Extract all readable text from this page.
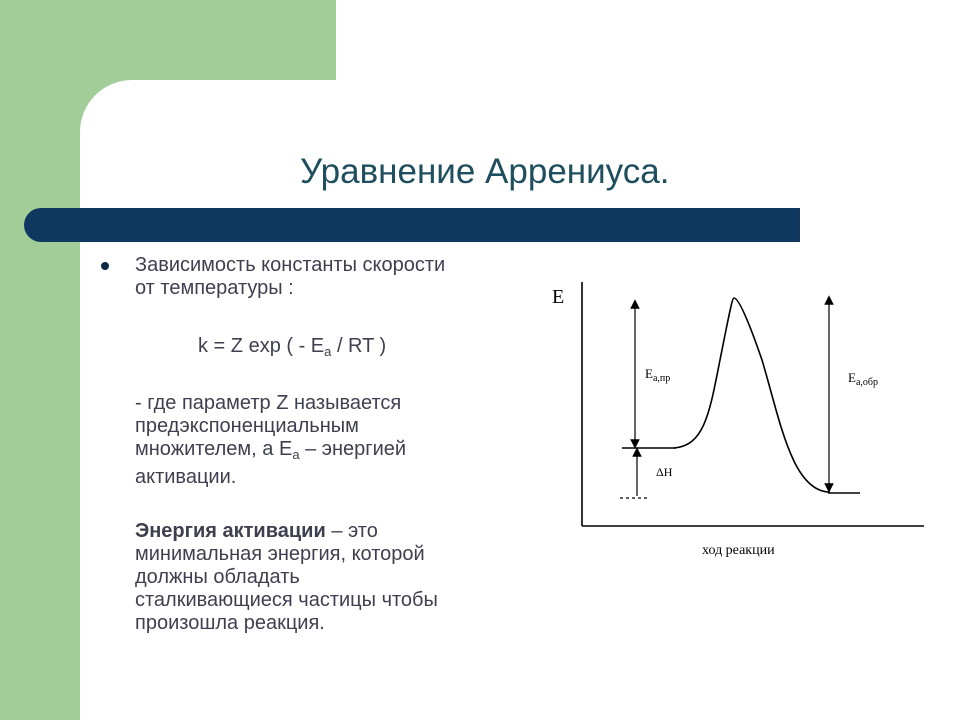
Уравнение Аррениуса.
Зависимость константы скорости
от температуры :
k = Z exp ( - $E_a$ / RT )
- где параметр Z называется
предэкспоненциальным
множителем, а $E_a$ – энергией
активации.
Энергия активации – это
минимальная энергия, которой
должны обладать
сталкивающиеся частицы чтобы
произошла реакция.
E
ход реакции
$E_{a,пр}$
ΔH
$E_{a,обр}$
